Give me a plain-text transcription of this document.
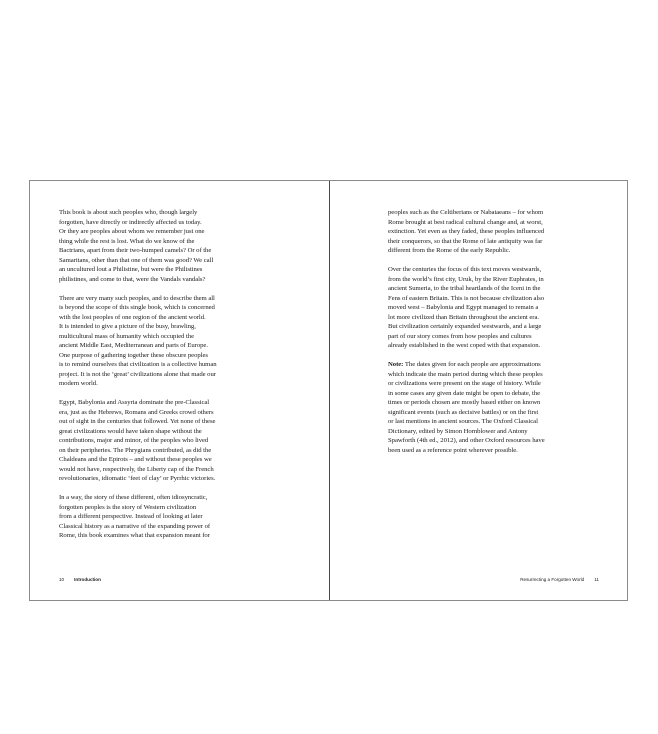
This book is about such peoples who, though largely
forgotten, have directly or indirectly affected us today.
Or they are peoples about whom we remember just one
thing while the rest is lost. What do we know of the
Bactrians, apart from their two-humped camels? Or of the
Samaritans, other than that one of them was good? We call
an uncultured lout a Philistine, but were the Philistines
philistines, and come to that, were the Vandals vandals?

There are very many such peoples, and to describe them all
is beyond the scope of this single book, which is concerned
with the lost peoples of one region of the ancient world.
It is intended to give a picture of the busy, brawling,
multicultural mass of humanity which occupied the
ancient Middle East, Mediterranean and parts of Europe.
One purpose of gathering together these obscure peoples
is to remind ourselves that civilization is a collective human
project. It is not the ‘great’ civilizations alone that made our
modern world.

Egypt, Babylonia and Assyria dominate the pre-Classical
era, just as the Hebrews, Romans and Greeks crowd others
out of sight in the centuries that followed. Yet none of these
great civilizations would have taken shape without the
contributions, major and minor, of the peoples who lived
on their peripheries. The Phrygians contributed, as did the
Chaldeans and the Epirots – and without these peoples we
would not have, respectively, the Liberty cap of the French
revolutionaries, idiomatic ‘feet of clay’ or Pyrrhic victories.

In a way, the story of these different, often idiosyncratic,
forgotten peoples is the story of Western civilization
from a different perspective. Instead of looking at later
Classical history as a narrative of the expanding power of
Rome, this book examines what that expansion meant for

peoples such as the Celtiberians or Nabataeans – for whom
Rome brought at best radical cultural change and, at worst,
extinction. Yet even as they faded, these peoples influenced
their conquerors, so that the Rome of late antiquity was far
different from the Rome of the early Republic.

Over the centuries the focus of this text moves westwards,
from the world’s first city, Uruk, by the River Euphrates, in
ancient Sumeria, to the tribal heartlands of the Iceni in the
Fens of eastern Britain. This is not because civilization also
moved west – Babylonia and Egypt managed to remain a
lot more civilized than Britain throughout the ancient era.
But civilization certainly expanded westwards, and a large
part of our story comes from how peoples and cultures
already established in the west coped with that expansion.

Note: The dates given for each people are approximations
which indicate the main period during which these peoples
or civilizations were present on the stage of history. While
in some cases any given date might be open to debate, the
times or periods chosen are mostly based either on known
significant events (such as decisive battles) or on the first
or last mentions in ancient sources. The Oxford Classical
Dictionary, edited by Simon Hornblower and Antony
Spawforth (4th ed., 2012), and other Oxford resources have
been used as a reference point wherever possible.

10 Introduction	Resurrecting a Forgotten World 11
